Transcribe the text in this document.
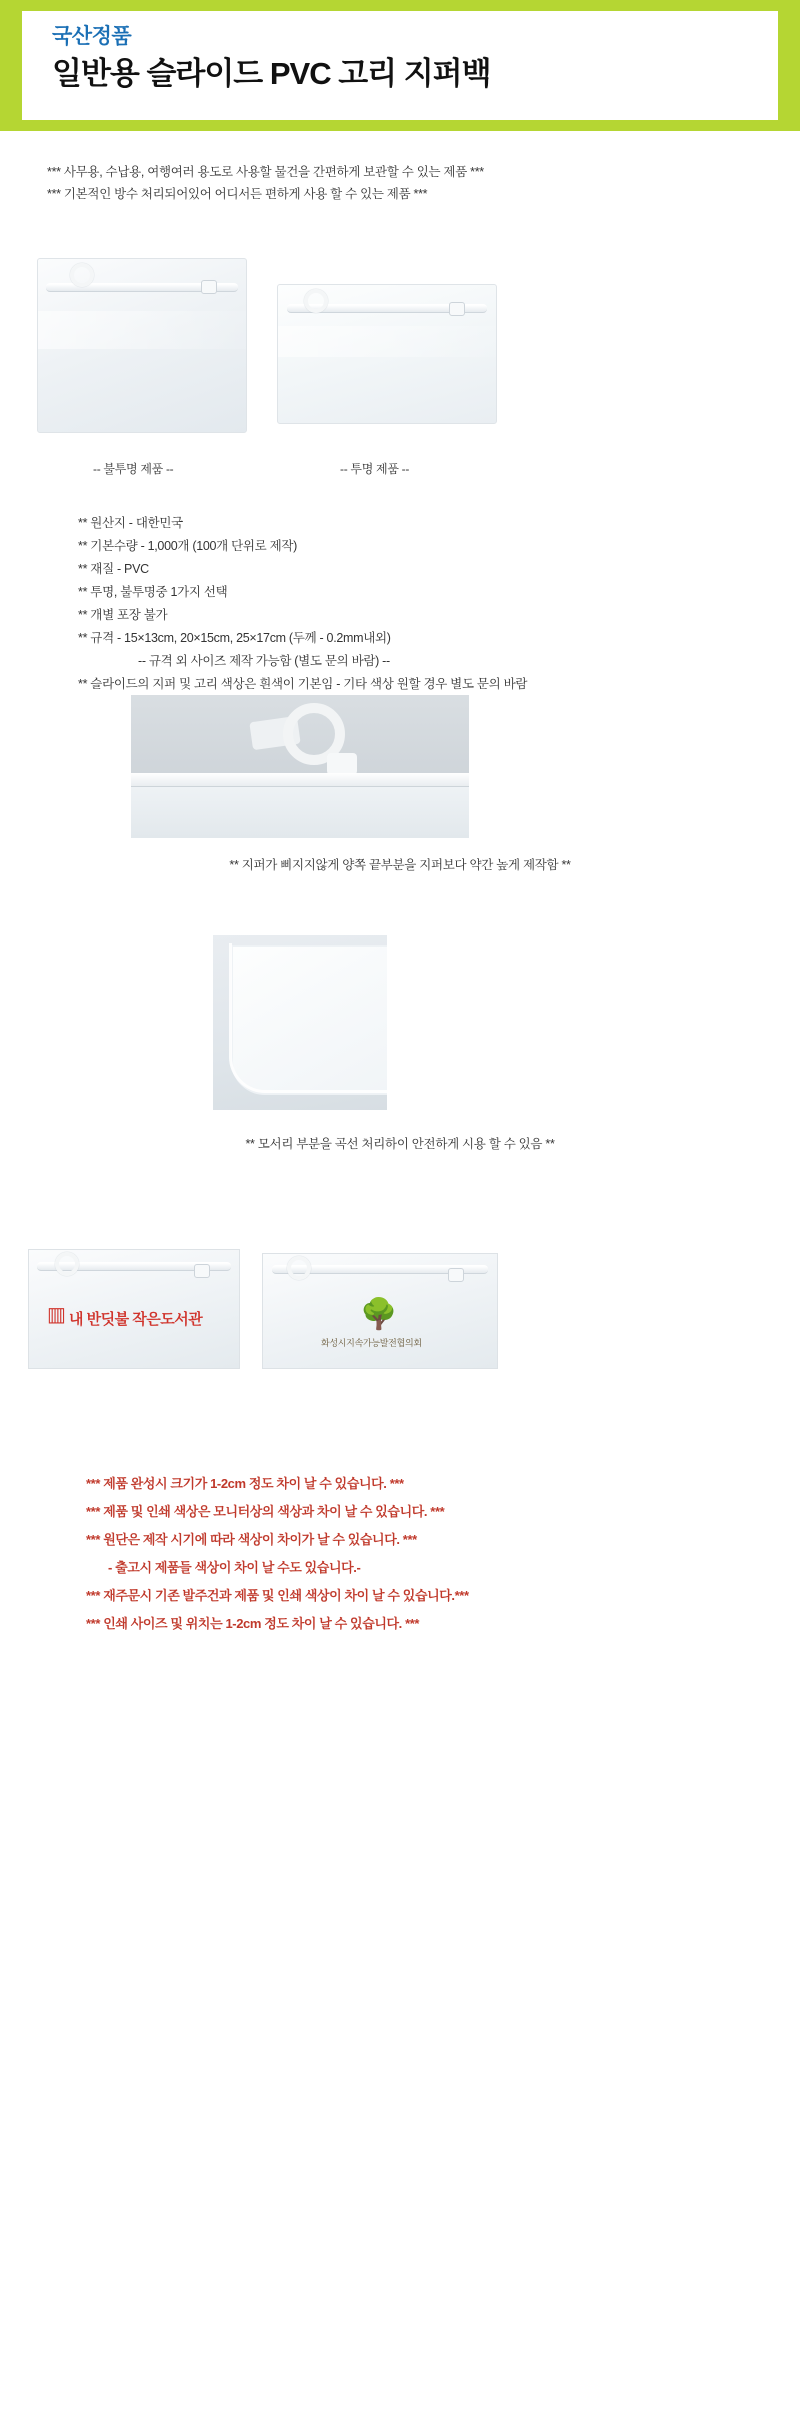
국산정품
일반용 슬라이드 PVC 고리 지퍼백
*** 사무용, 수납용, 여행여러 용도로 사용할 물건을 간편하게 보관할 수 있는 제품 ***
*** 기본적인 방수 처리되어있어 어디서든 편하게 사용 할 수 있는 제품 ***
-- 불투명 제품 --	-- 투명 제품 --
** 원산지 - 대한민국
** 기본수량 - 1,000개 (100개 단위로 제작)
** 재질 - PVC
** 투명, 불투명중 1가지 선택
** 개별 포장 불가
** 규격 - 15×13cm, 20×15cm, 25×17cm (두께 - 0.2mm내외)
-- 규격 외 사이즈 제작 가능함 (별도 문의 바람) --
** 슬라이드의 지퍼 및 고리 색상은 흰색이 기본임 - 기타 색상 원할 경우 별도 문의 바람
** 지퍼가 삐지지않게 양쪽 끝부분을 지퍼보다 약간 높게 제작함 **
** 모서리 부분을 곡선 처리하이 안전하게 시용 할 수 있음 **
▥ 내 반딧불 작은도서관	🌳
화성시지속가능발전협의회
*** 제품 완성시 크기가 1-2cm 정도 차이 날 수 있습니다. ***
*** 제품 및 인쇄 색상은 모니터상의 색상과 차이 날 수 있습니다. ***
*** 원단은 제작 시기에 따라 색상이 차이가 날 수 있습니다. ***
- 출고시 제품들 색상이 차이 날 수도 있습니다.-
*** 재주문시 기존 발주건과 제품 및 인쇄 색상이 차이 날 수 있습니다.***
*** 인쇄 사이즈 및 위치는 1-2cm 정도 차이 날 수 있습니다. ***
